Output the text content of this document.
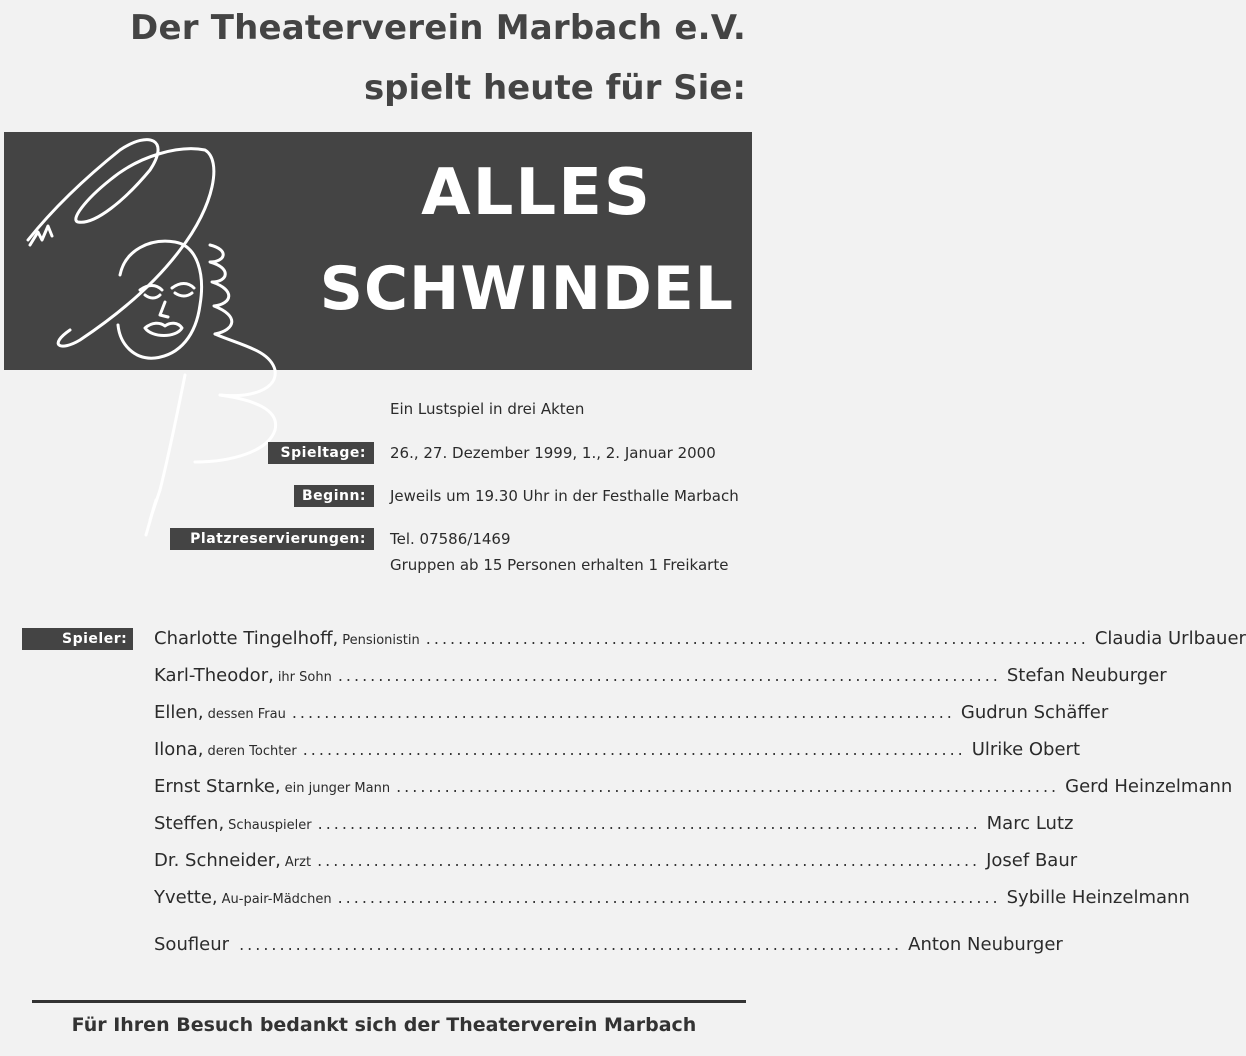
Der Theaterverein Marbach e.V.
spielt heute für Sie:
ALLES
SCHWINDEL
Ein Lustspiel in drei Akten
Spieltage:	26., 27. Dezember 1999, 1., 2. Januar 2000
Beginn:	Jeweils um 19.30 Uhr in der Festhalle Marbach
Platzreservierungen:	Tel. 07586/1469
Gruppen ab 15 Personen erhalten 1 Freikarte
Spieler:	Charlotte Tingelhoff, Pensionistin .................................................................................. Claudia Urlbauer
Karl-Theodor, ihr Sohn .................................................................................. Stefan Neuburger
Ellen, dessen Frau .................................................................................. Gudrun Schäffer
Ilona, deren Tochter .................................................................................. Ulrike Obert
Ernst Starnke, ein junger Mann .................................................................................. Gerd Heinzelmann
Steffen, Schauspieler .................................................................................. Marc Lutz
Dr. Schneider, Arzt .................................................................................. Josef Baur
Yvette, Au-pair-Mädchen .................................................................................. Sybille Heinzelmann
Soufleur .................................................................................. Anton Neuburger
Für Ihren Besuch bedankt sich der Theaterverein Marbach
